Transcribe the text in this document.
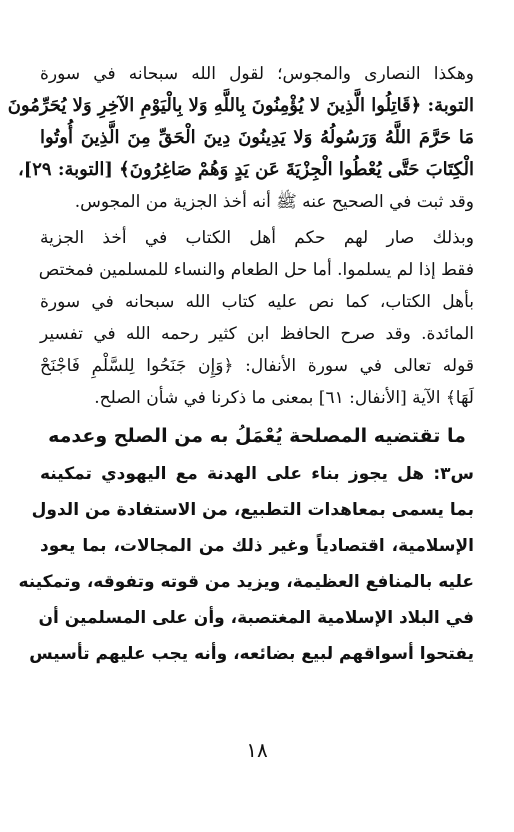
وهكذا النصارى والمجوس؛ لقول الله سبحانه في سورة
التوبة: ﴿قَاتِلُوا الَّذِينَ لا يُؤْمِنُونَ بِاللَّهِ وَلا بِالْيَوْمِ الآخِرِ وَلا يُحَرِّمُونَ
مَا حَرَّمَ اللَّهُ وَرَسُولُهُ وَلا يَدِينُونَ دِينَ الْحَقِّ مِنَ الَّذِينَ أُوتُوا
الْكِتَابَ حَتَّى يُعْطُوا الْجِزْيَةَ عَن يَدٍ وَهُمْ صَاغِرُونَ﴾ [التوبة: ٢٩]،
وقد ثبت في الصحيح عنه ﷺ أنه أخذ الجزية من المجوس.
وبذلك صار لهم حكم أهل الكتاب في أخذ الجزية
فقط إذا لم يسلموا. أما حل الطعام والنساء للمسلمين فمختص
بأهل الكتاب، كما نص عليه كتاب الله سبحانه في سورة
المائدة. وقد صرح الحافظ ابن كثير رحمه الله في تفسير
قوله تعالى في سورة الأنفال: ﴿وَإِن جَنَحُوا لِلسَّلْمِ فَاجْنَحْ
لَهَا﴾ الآية [الأنفال: ٦١] بمعنى ما ذكرنا في شأن الصلح.
ما تقتضيه المصلحة يُعْمَلُ به من الصلح وعدمه
س٣: هل يجوز بناء على الهدنة مع اليهودي تمكينه
بما يسمى بمعاهدات التطبيع، من الاستفادة من الدول
الإسلامية، اقتصادياً وغير ذلك من المجالات، بما يعود
عليه بالمنافع العظيمة، ويزيد من قوته وتفوقه، وتمكينه
في البلاد الإسلامية المغتصبة، وأن على المسلمين أن
يفتحوا أسواقهم لبيع بضائعه، وأنه يجب عليهم تأسيس
١٨
